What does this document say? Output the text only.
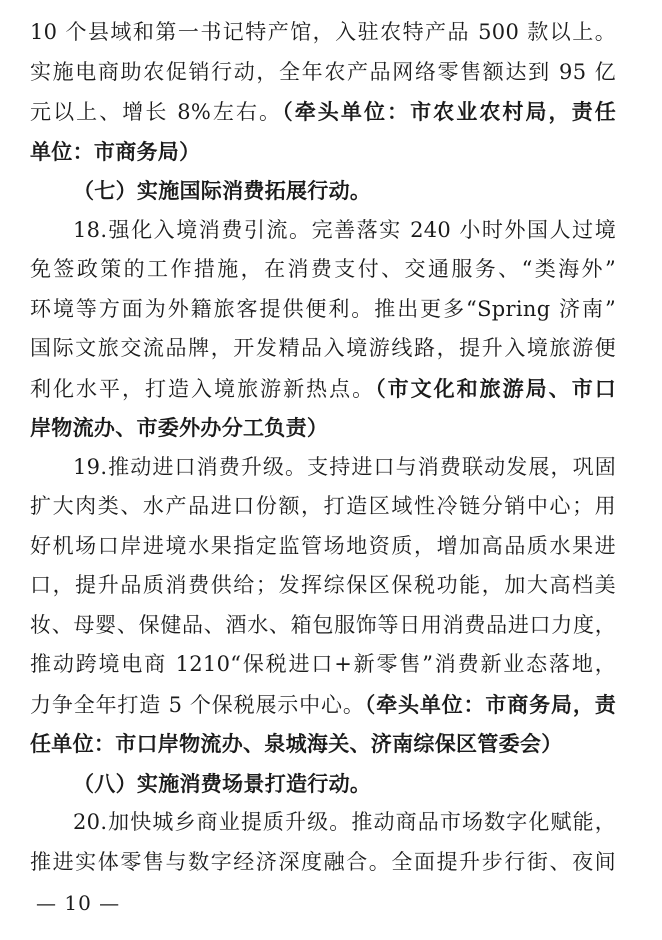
10 个县域和第一书记特产馆，入驻农特产品 500 款以上。
实施电商助农促销行动，全年农产品网络零售额达到 95 亿
元以上、增长 8%左右。（牵头单位：市农业农村局，责任
单位：市商务局）
（七）实施国际消费拓展行动。
18.强化入境消费引流。完善落实 240 小时外国人过境
免签政策的工作措施，在消费支付、交通服务、“类海外”
环境等方面为外籍旅客提供便利。推出更多“Spring 济南”
国际文旅交流品牌，开发精品入境游线路，提升入境旅游便
利化水平，打造入境旅游新热点。（市文化和旅游局、市口
岸物流办、市委外办分工负责）
19.推动进口消费升级。支持进口与消费联动发展，巩固
扩大肉类、水产品进口份额，打造区域性冷链分销中心；用
好机场口岸进境水果指定监管场地资质，增加高品质水果进
口，提升品质消费供给；发挥综保区保税功能，加大高档美
妆、母婴、保健品、酒水、箱包服饰等日用消费品进口力度，
推动跨境电商 1210“保税进口+新零售”消费新业态落地，
力争全年打造 5 个保税展示中心。（牵头单位：市商务局，责
任单位：市口岸物流办、泉城海关、济南综保区管委会）
（八）实施消费场景打造行动。
20.加快城乡商业提质升级。推动商品市场数字化赋能，
推进实体零售与数字经济深度融合。全面提升步行街、夜间
— 10 —
